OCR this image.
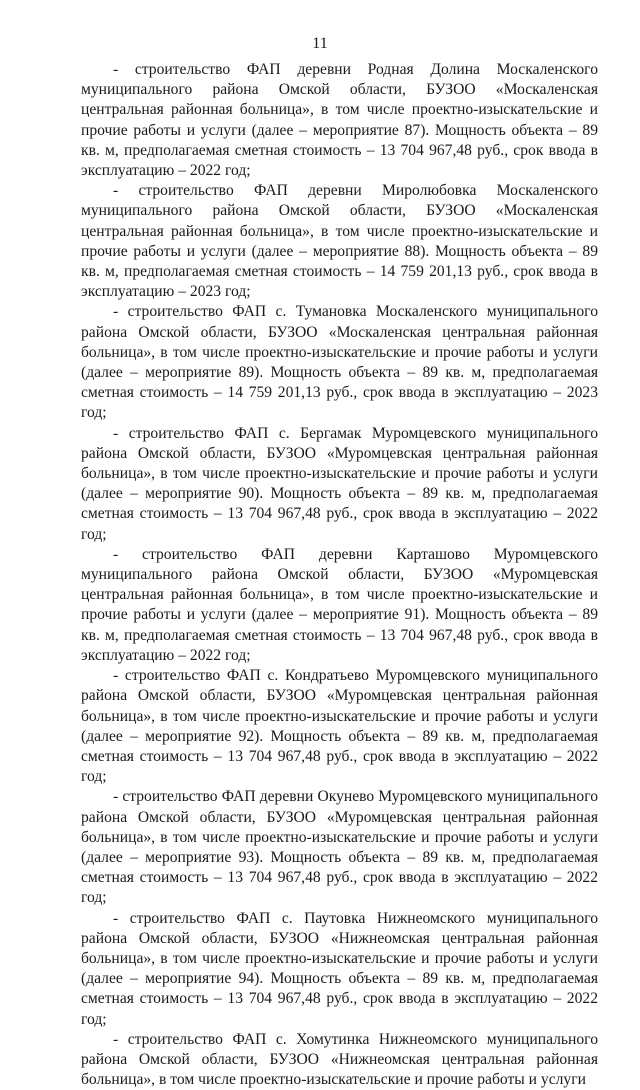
11

- строительство ФАП деревни Родная Долина Москаленского муниципального района Омской области, БУЗОО «Москаленская центральная районная больница», в том числе проектно-изыскательские и прочие работы и услуги (далее – мероприятие 87). Мощность объекта – 89 кв. м, предполагаемая сметная стоимость – 13 704 967,48 руб., срок ввода в эксплуатацию – 2022 год;

- строительство ФАП деревни Миролюбовка Москаленского муниципального района Омской области, БУЗОО «Москаленская центральная районная больница», в том числе проектно-изыскательские и прочие работы и услуги (далее – мероприятие 88). Мощность объекта – 89 кв. м, предполагаемая сметная стоимость – 14 759 201,13 руб., срок ввода в эксплуатацию – 2023 год;

- строительство ФАП с. Тумановка Москаленского муниципального района Омской области, БУЗОО «Москаленская центральная районная больница», в том числе проектно-изыскательские и прочие работы и услуги (далее – мероприятие 89). Мощность объекта – 89 кв. м, предполагаемая сметная стоимость – 14 759 201,13 руб., срок ввода в эксплуатацию – 2023 год;

- строительство ФАП с. Бергамак Муромцевского муниципального района Омской области, БУЗОО «Муромцевская центральная районная больница», в том числе проектно-изыскательские и прочие работы и услуги (далее – мероприятие 90). Мощность объекта – 89 кв. м, предполагаемая сметная стоимость – 13 704 967,48 руб., срок ввода в эксплуатацию – 2022 год;

- строительство ФАП деревни Карташово Муромцевского муниципального района Омской области, БУЗОО «Муромцевская центральная районная больница», в том числе проектно-изыскательские и прочие работы и услуги (далее – мероприятие 91). Мощность объекта – 89 кв. м, предполагаемая сметная стоимость – 13 704 967,48 руб., срок ввода в эксплуатацию – 2022 год;

- строительство ФАП с. Кондратьево Муромцевского муниципального района Омской области, БУЗОО «Муромцевская центральная районная больница», в том числе проектно-изыскательские и прочие работы и услуги (далее – мероприятие 92). Мощность объекта – 89 кв. м, предполагаемая сметная стоимость – 13 704 967,48 руб., срок ввода в эксплуатацию – 2022 год;

- строительство ФАП деревни Окунево Муромцевского муниципального района Омской области, БУЗОО «Муромцевская центральная районная больница», в том числе проектно-изыскательские и прочие работы и услуги (далее – мероприятие 93). Мощность объекта – 89 кв. м, предполагаемая сметная стоимость – 13 704 967,48 руб., срок ввода в эксплуатацию – 2022 год;

- строительство ФАП с. Паутовка Нижнеомского муниципального района Омской области, БУЗОО «Нижнеомская центральная районная больница», в том числе проектно-изыскательские и прочие работы и услуги (далее – мероприятие 94). Мощность объекта – 89 кв. м, предполагаемая сметная стоимость – 13 704 967,48 руб., срок ввода в эксплуатацию – 2022 год;

- строительство ФАП с. Хомутинка Нижнеомского муниципального района Омской области, БУЗОО «Нижнеомская центральная районная больница», в том числе проектно-изыскательские и прочие работы и услуги
